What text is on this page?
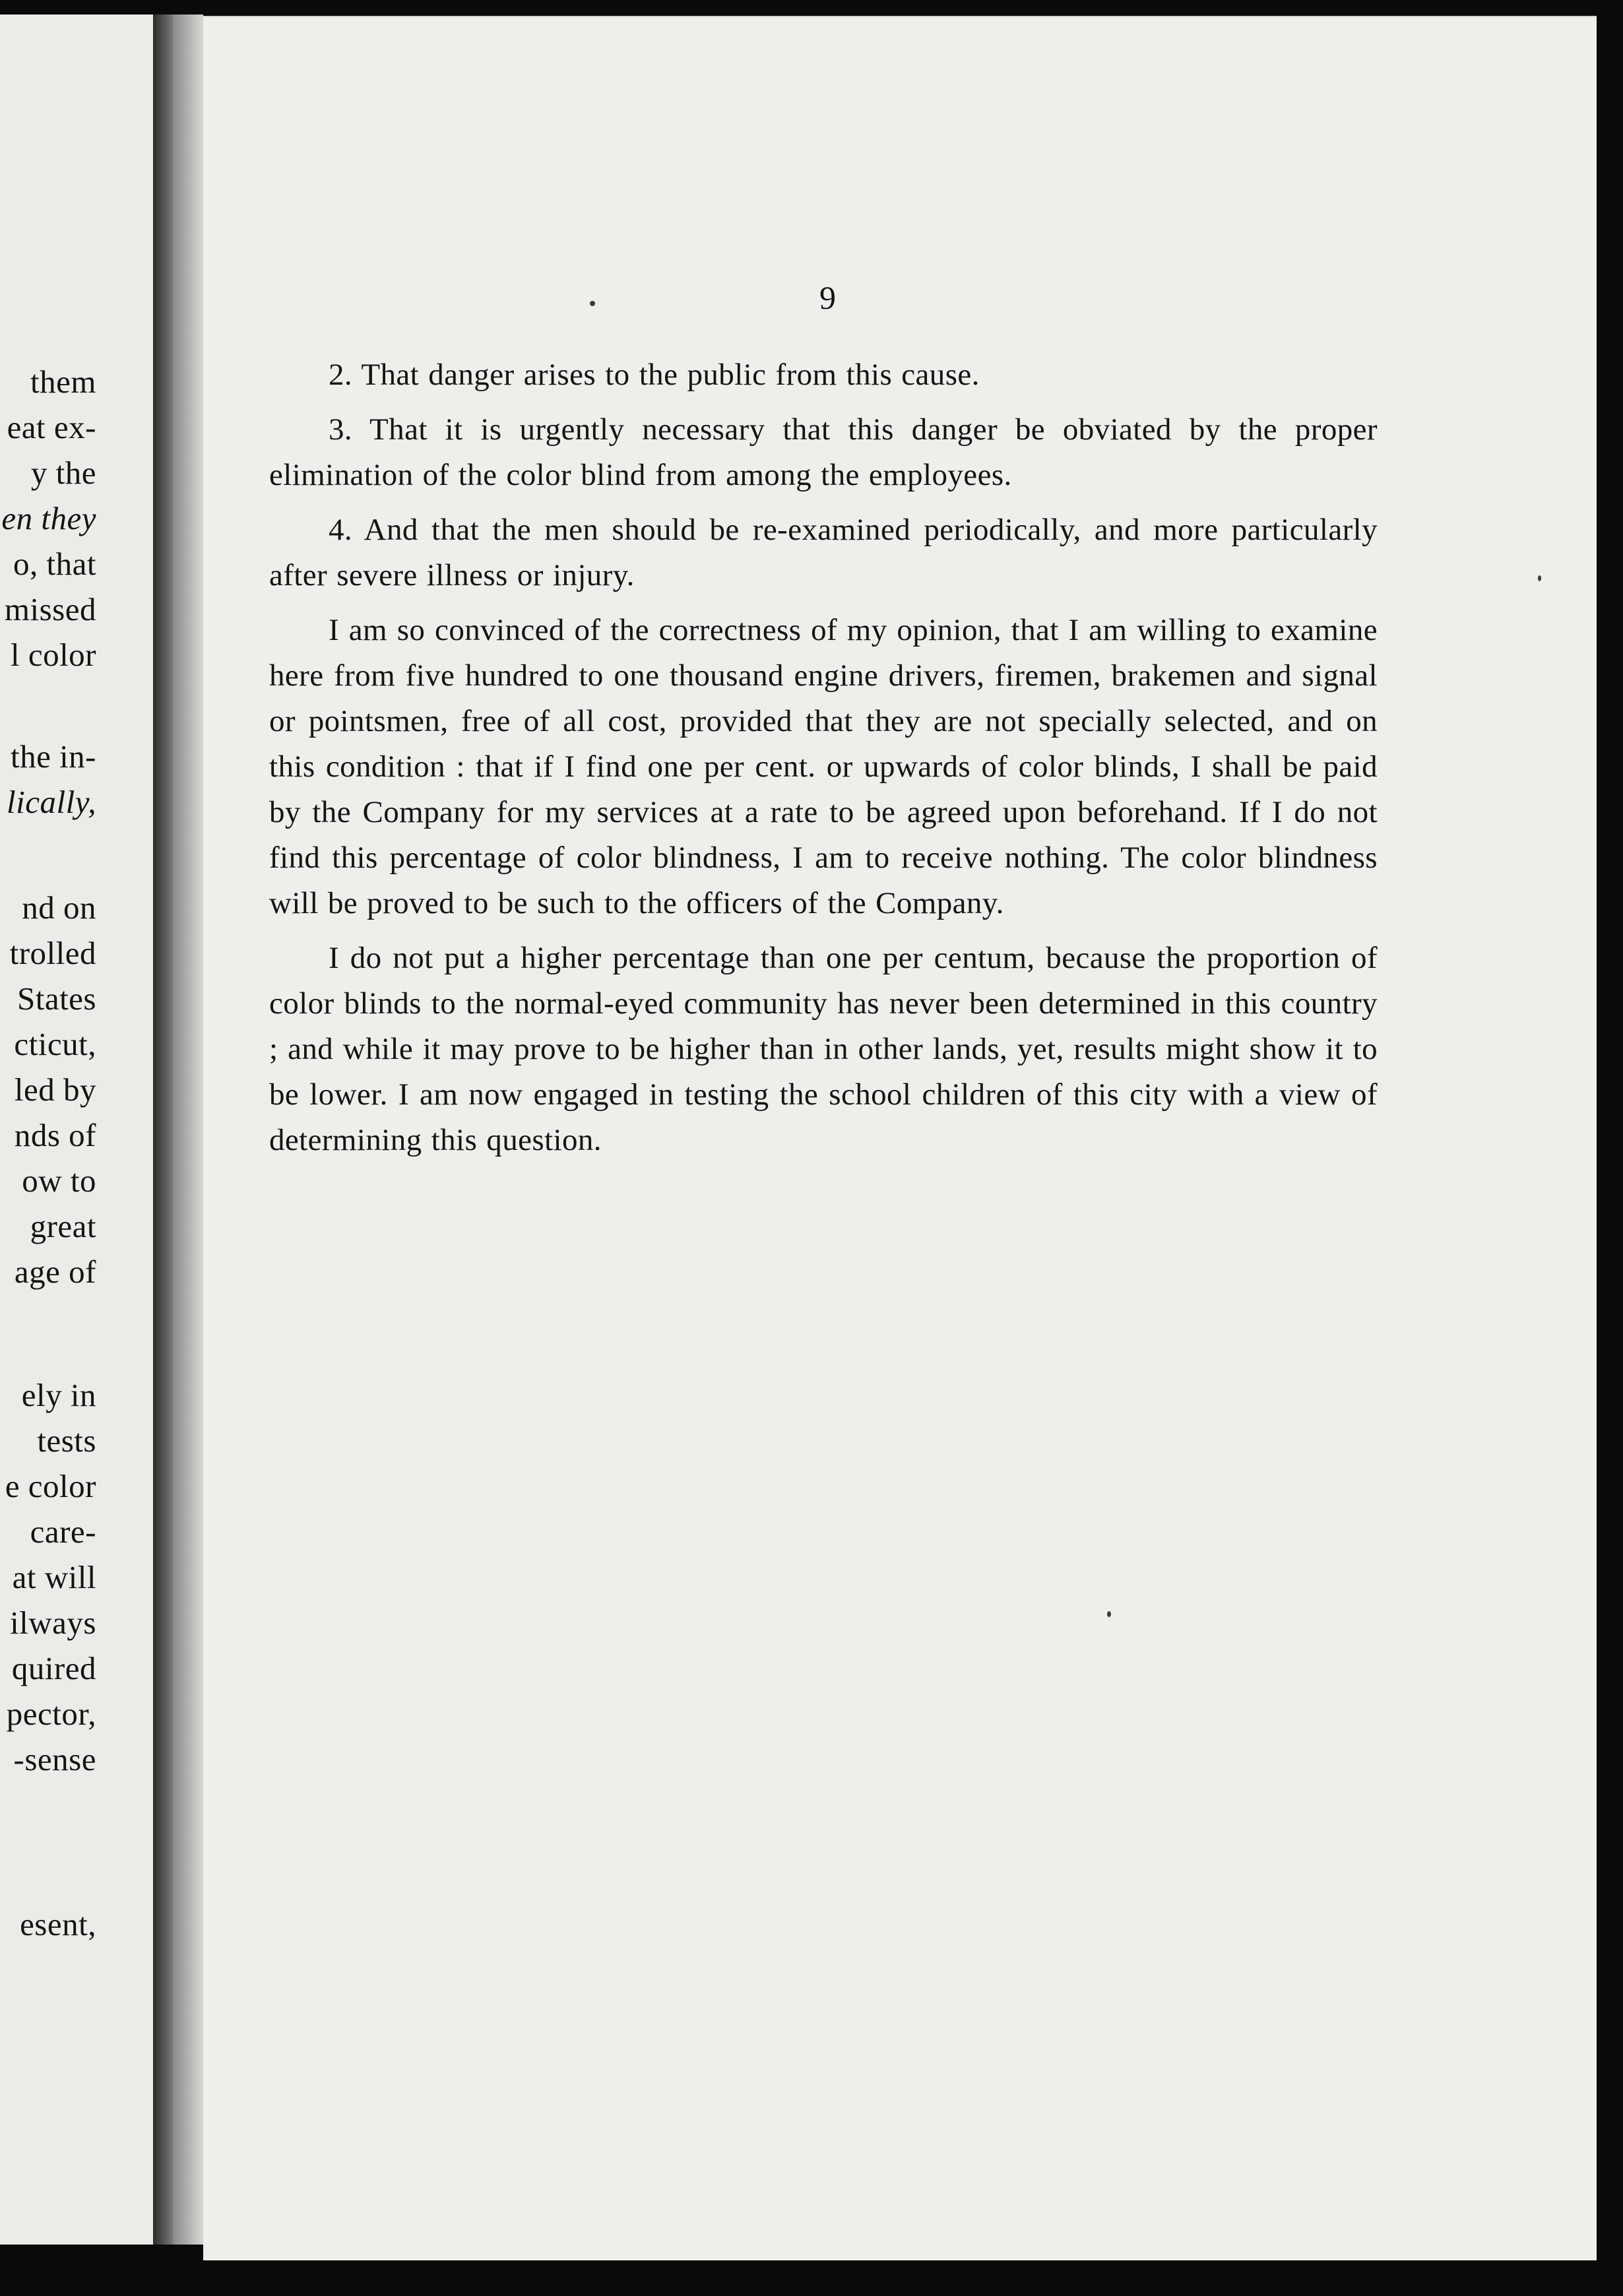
them
eat ex-
y the
en they
o, that
missed
l color
the in-
lically,
nd on
trolled
States
cticut,
led by
nds of
ow to
great
age of
ely in
tests
e color
care-
at will
ilways
quired
pector,
-sense
esent,
9

2. That danger arises to the public from this cause.

3. That it is urgently necessary that this danger be obviated by the proper elimination of the color blind from among the employees.

4. And that the men should be re-examined periodically, and more particularly after severe illness or injury.

I am so convinced of the correctness of my opinion, that I am willing to examine here from five hundred to one thousand engine drivers, firemen, brakemen and signal or pointsmen, free of all cost, provided that they are not specially selected, and on this condition : that if I find one per cent. or upwards of color blinds, I shall be paid by the Company for my services at a rate to be agreed upon beforehand. If I do not find this percentage of color blindness, I am to receive nothing. The color blindness will be proved to be such to the officers of the Company.

I do not put a higher percentage than one per centum, because the proportion of color blinds to the normal-eyed community has never been determined in this country ; and while it may prove to be higher than in other lands, yet, results might show it to be lower. I am now engaged in testing the school children of this city with a view of determining this question.
